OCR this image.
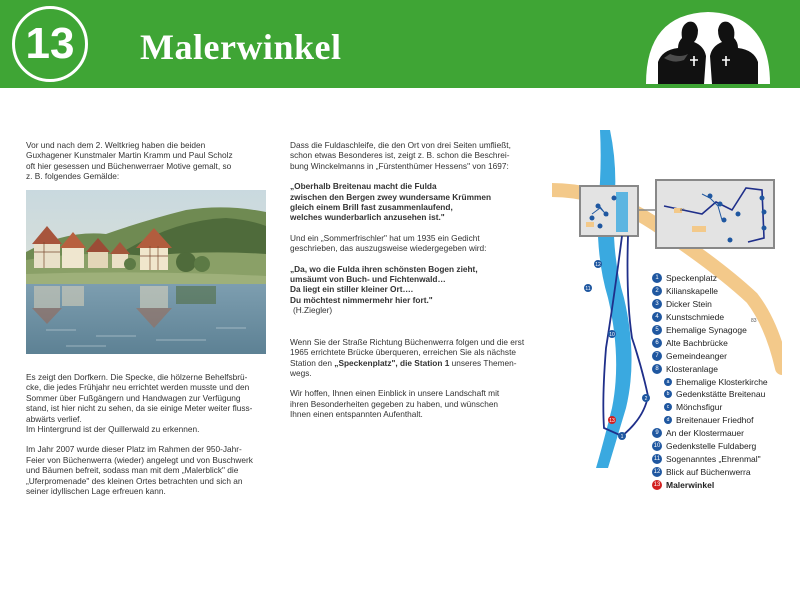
13	Malerwinkel

Vor und nach dem 2. Weltkrieg haben die beiden

Guxhagener Kunstmaler Martin Kramm und Paul Scholz

oft hier gesessen und Büchenwerraer Motive gemalt, so

z. B. folgendes Gemälde:

Es zeigt den Dorfkern. Die Specke, die hölzerne Behelfsbrü-

cke, die jedes Frühjahr neu errichtet werden musste und den

Sommer über Fußgängern und Handwagen zur Verfügung

stand, ist hier nicht zu sehen, da sie einige Meter weiter fluss-

abwärts verlief.

Im Hintergrund ist der Quillerwald zu erkennen.

Im Jahr 2007 wurde dieser Platz im Rahmen der 950-Jahr-

Feier von Büchenwerra (wieder) angelegt und von Buschwerk

und Bäumen befreit, sodass man mit dem „Malerblick" die

„Uferpromenade" des kleinen Ortes betrachten und sich an

seiner idyllischen Lage erfreuen kann.

Dass die Fuldaschleife, die den Ort von drei Seiten umfließt,

schon etwas Besonderes ist, zeigt z. B. schon die Beschrei-

bung Winckelmanns in „Fürstenthümer Hessens" von 1697:

„Oberhalb Breitenau macht die Fulda

zwischen den Bergen zwey wundersame Krümmen

gleich einem Brill fast zusammenlaufend,

welches wunderbarlich anzusehen ist."

Und ein „Sommerfrischler" hat um 1935 ein Gedicht

geschrieben, das auszugsweise wiedergegeben wird:

„Da, wo die Fulda ihren schönsten Bogen zieht,

umsäumt von Buch- und Fichtenwald…

Da liegt ein stiller kleiner Ort….

Du möchtest nimmermehr hier fort."

(H.Ziegler)

Wenn Sie der Straße Richtung Büchenwerra folgen und die erst

1965 errichtete Brücke überqueren, erreichen Sie als nächste

Station den „Speckenplatz", die Station 1 unseres Themen-

wegs.

Wir hoffen, Ihnen einen Einblick in unsere Landschaft mit

ihren Besonderheiten gegeben zu haben, und wünschen

Ihnen einen entspannten Aufenthalt.

83
83
1
2
10
11
12
13
1 Speckenplatz
2 Kilianskapelle
3 Dicker Stein
4 Kunstschmiede
5 Ehemalige Synagoge
6 Alte Bachbrücke
7 Gemeindeanger
8 Klosteranlage
a Ehemalige Klosterkirche
b Gedenkstätte Breitenau
c Mönchsfigur
d Breitenauer Friedhof
9 An der Klostermauer
10 Gedenkstelle Fuldaberg
11 Sogenanntes „Ehrenmal"
12 Blick auf Büchenwerra
13 Malerwinkel
